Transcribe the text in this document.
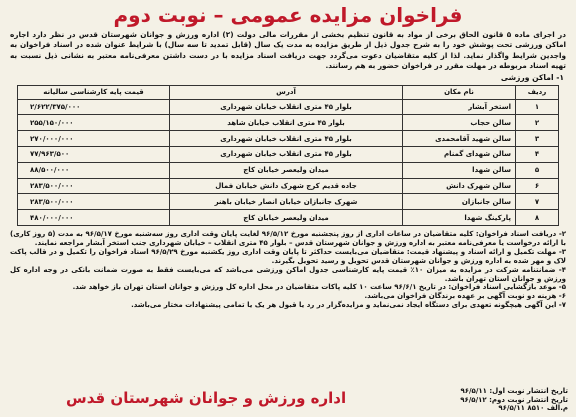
فراخوان مزایده عمومی – نوبت دوم
در اجرای ماده ۵ قانون الحاق برخی از مواد به قانون تنظیم بخشی از مقررات مالی دولت (۲) اداره ورزش و جوانان شهرستان قدس در نظر دارد اجاره اماکن ورزشی تحت پوشش خود را به شرح جدول ذیل از طریق مزایده به مدت یک سال (قابل تمدید تا سه سال) با شرایط عنوان شده در اسناد فراخوان به واجدین شرایط واگذار نماید. لذا از کلیه متقاضیان دعوت می‌گردد جهت دریافت اسناد مزایده با در دست داشتن معرفی‌نامه معتبر به نشانی ذیل نسبت به تهیه اسناد مربوطه در مهلت مقرر در فراخوان حضور به هم رسانند.
۱- اماکن ورزشی
ردیف	نام مکان	آدرس	قیمت پایه کارشناسی سالیانه
۱	استخر آبشار	بلوار ۴۵ متری انقلاب خیابان شهرداری	۲/۶۲۲/۳۷۵/۰۰۰
۲	سالن حجاب	بلوار ۴۵ متری انقلاب خیابان شاهد	۲۵۵/۱۵۰/۰۰۰
۳	سالن شهید آقامحمدی	بلوار ۴۵ متری انقلاب خیابان شهرداری	۲۷۰/۰۰۰/۰۰۰
۴	سالن شهدای گمنام	بلوار ۴۵ متری انقلاب خیابان شهرداری	۷۷/۹۶۳/۵۰۰
۵	سالن شهدا	میدان ولیعصر خیابان کاج	۸۸/۵۰۰/۰۰۰
۶	سالن شهرک دانش	جاده قدیم کرج شهرک دانش خیابان فمال	۲۸۳/۵۰۰/۰۰۰
۷	سالن جانبازان	شهرک جانبازان خیابان انصار خیابان باهنر	۲۸۳/۵۰۰/۰۰۰
۸	پارکینگ شهدا	میدان ولیعصر خیابان کاج	۴۸۰/۰۰۰/۰۰۰

۲- دریافت اسناد فراخوان: کلیه متقاضیان در ساعات اداری از روز پنجشنبه مورخ ۹۶/۵/۱۲ لغایت پایان وقت اداری روز سه‌شنبه مورخ ۹۶/۵/۱۷ به مدت (۵ روز کاری) با ارائه درخواست یا معرفی‌نامه معتبر به اداره ورزش و جوانان شهرستان قدس – بلوار ۴۵ متری انقلاب – خیابان شهرداری جنب استخر آبشار مراجعه نمایند.

۳- مهلت تکمیل و ارائه اسناد و پیشنهاد قیمت: متقاضیان می‌بایست حداکثر تا پایان وقت اداری روز یکشنبه مورخ ۹۶/۵/۲۹ اسناد فراخوان را تکمیل و در قالب پاکت لاک و مهر شده به اداره ورزش و جوانان شهرستان قدس تحویل و رسید تحویل بگیرند.

۴- ضمانتنامه شرکت در مزایده به میزان ۱۰٪ قیمت پایه کارشناسی جدول اماکن ورزشی می‌باشد که می‌بایست فقط به صورت ضمانت بانکی در وجه اداره کل ورزش و جوانان استان تهران باشد.

۵- موعد بازگشایی اسناد فراخوان: در تاریخ ۹۶/۶/۱ ساعت ۱۰ کلیه پاکات متقاضیان در محل اداره کل ورزش و جوانان استان تهران باز خواهد شد.

۶- هزینه دو نوبت آگهی بر عهده برندگان فراخوان می‌باشد.

۷- این آگهی هیچگونه تعهدی برای دستگاه ایجاد نمی‌نماید و مزایده‌گزار در رد یا قبول هر یک یا تمامی پیشنهادات مختار می‌باشد.

تاریخ انتشار نوبت اول: ۹۶/۵/۱۱
تاریخ انتشار نوبت دوم: ۹۶/۵/۱۲
م.الف ۸۵۱۰ ۹۶/۵/۱۱
اداره ورزش و جوانان شهرستان قدس
